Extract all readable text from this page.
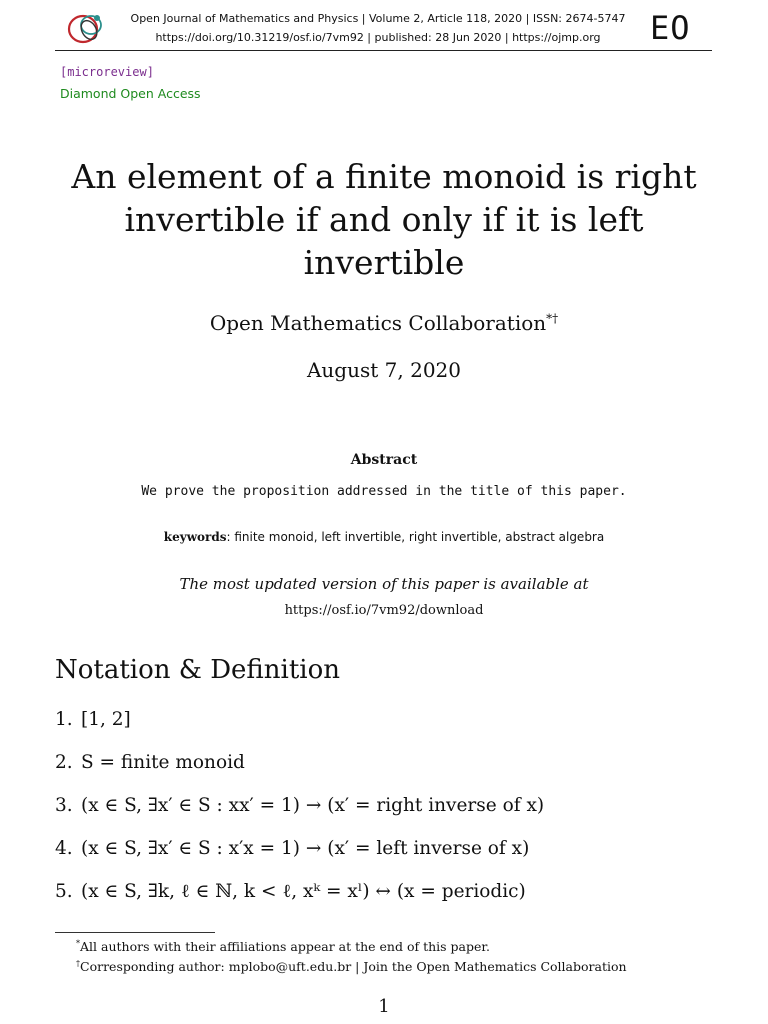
Open Journal of Mathematics and Physics | Volume 2, Article 118, 2020 | ISSN: 2674-5747
https://doi.org/10.31219/osf.io/7vm92 | published: 28 Jun 2020 | https://ojmp.org	EO
[microreview]
Diamond Open Access
An element of a finite monoid is right invertible if and only if it is left invertible
Open Mathematics Collaboration*†
August 7, 2020
Abstract
We prove the proposition addressed in the title of this paper.
keywords: finite monoid, left invertible, right invertible, abstract algebra
The most updated version of this paper is available at
https://osf.io/7vm92/download
Notation & Definition
1. [1, 2]
2. S = finite monoid
3. (x ∈ S, ∃x′ ∈ S : xx′ = 1) → (x′ = right inverse of x)
4. (x ∈ S, ∃x′ ∈ S : x′x = 1) → (x′ = left inverse of x)
5. (x ∈ S, ∃k, ℓ ∈ ℕ, k < ℓ, xᵏ = xˡ) ↔ (x = periodic)
*All authors with their affiliations appear at the end of this paper.
†Corresponding author: mplobo@uft.edu.br | Join the Open Mathematics Collaboration
1
